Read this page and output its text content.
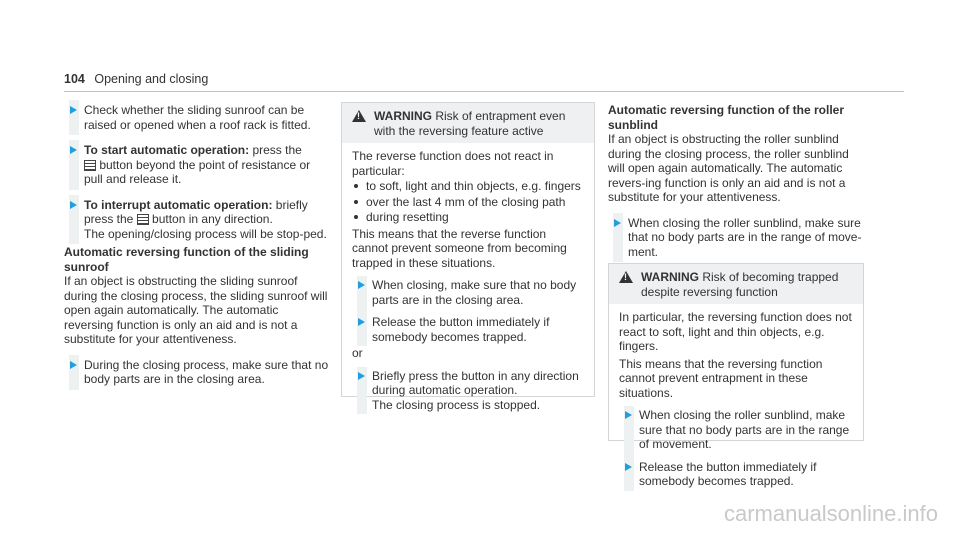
104 Opening and closing
Check whether the sliding sunroof can be raised or opened when a roof rack is fitted.
To start automatic operation: press the
button beyond the point of resistance or pull and release it.
To interrupt automatic operation: briefly press the  button in any direction.
The opening/closing process will be stop-ped.

Automatic reversing function of the sliding sunroof

If an object is obstructing the sliding sunroof during the closing process, the sliding sunroof will open again automatically. The automatic reversing function is only an aid and is not a substitute for your attentiveness.

During the closing process, make sure that no body parts are in the closing area.
!
WARNING Risk of entrapment even with the reversing feature active

The reverse function does not react in particular:

to soft, light and thin objects, e.g. fingers
over the last 4 mm of the closing path
during resetting

This means that the reverse function cannot prevent someone from becoming trapped in these situations.

When closing, make sure that no body parts are in the closing area.
Release the button immediately if somebody becomes trapped.
or
Briefly press the button in any direction during automatic operation.
The closing process is stopped.

Automatic reversing function of the roller sunblind

If an object is obstructing the roller sunblind during the closing process, the roller sunblind will open again automatically. The automatic revers-ing function is only an aid and is not a substitute for your attentiveness.

When closing the roller sunblind, make sure that no body parts are in the range of move-ment.
!
WARNING Risk of becoming trapped despite reversing function

In particular, the reversing function does not react to soft, light and thin objects, e.g. fingers.

This means that the reversing function cannot prevent entrapment in these situations.

When closing the roller sunblind, make sure that no body parts are in the range of movement.
Release the button immediately if somebody becomes trapped.
carmanualsonline.info
